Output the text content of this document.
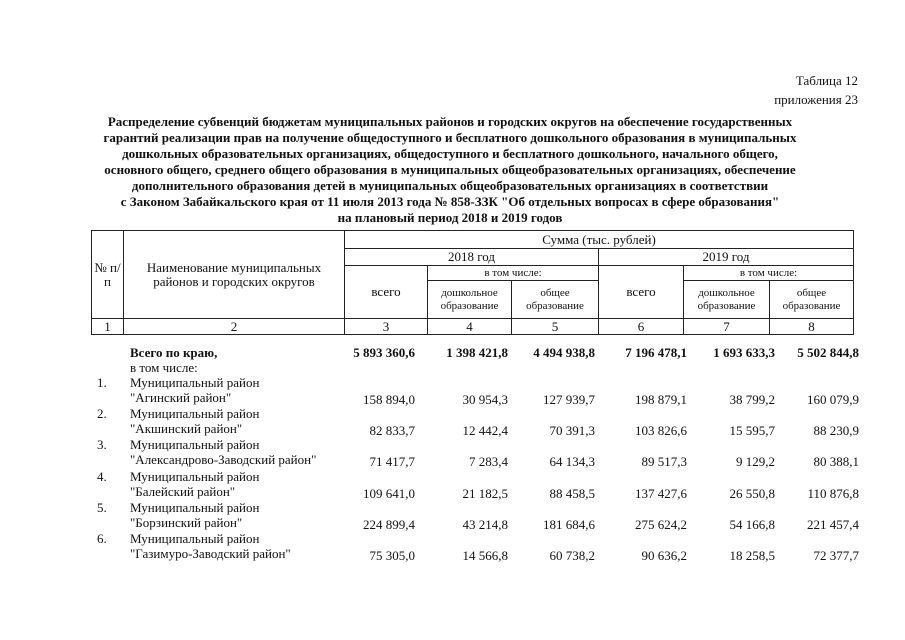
Таблица 12
приложения 23
Распределение субвенций бюджетам муниципальных районов и городских округов на обеспечение государственных
гарантий реализации прав на получение общедоступного и бесплатного дошкольного образования в муниципальных
дошкольных образовательных организациях, общедоступного и бесплатного дошкольного, начального общего,
основного общего, среднего общего образования в муниципальных общеобразовательных организациях, обеспечение
дополнительного образования детей в муниципальных общеобразовательных организациях в соответствии
с Законом Забайкальского края от 11 июля 2013 года № 858-ЗЗК "Об отдельных вопросах в сфере образования"
на плановый период 2018 и 2019 годов
№ п/п	Наименование муниципальных районов и городских округов	Сумма (тыс. рублей)					
		2018 год			2019 год		
		всего	в том числе:		всего	в том числе:	
			дошкольное образование	общее образование		дошкольное образование	общее образование
1	2	3	4	5	6	7	8
Всего по краю,	5 893 360,6	1 398 421,8	4 494 938,8	7 196 478,1	1 693 633,3	5 502 844,8
в том числе:
1.	Муниципальный район
"Агинский район"	158 894,0	30 954,3	127 939,7	198 879,1	38 799,2	160 079,9
2.	Муниципальный район
"Акшинский район"	82 833,7	12 442,4	70 391,3	103 826,6	15 595,7	88 230,9
3.	Муниципальный район
"Александрово-Заводский район"	71 417,7	7 283,4	64 134,3	89 517,3	9 129,2	80 388,1
4.	Муниципальный район
"Балейский район"	109 641,0	21 182,5	88 458,5	137 427,6	26 550,8	110 876,8
5.	Муниципальный район
"Борзинский район"	224 899,4	43 214,8	181 684,6	275 624,2	54 166,8	221 457,4
6.	Муниципальный район
"Газимуро-Заводский район"	75 305,0	14 566,8	60 738,2	90 636,2	18 258,5	72 377,7
